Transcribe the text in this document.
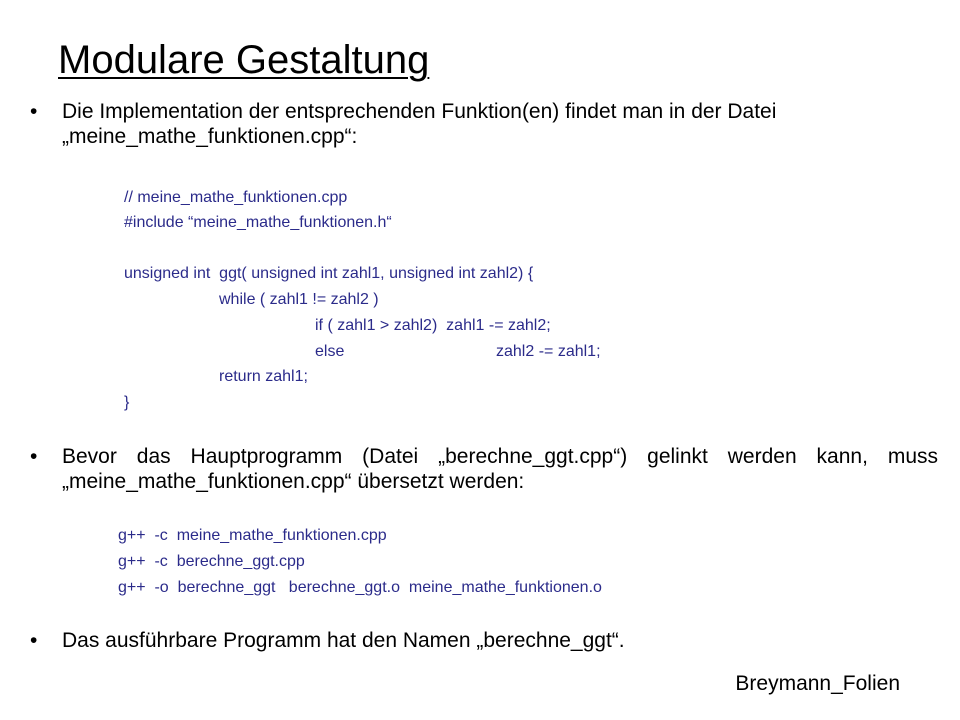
Modulare Gestaltung
• Die Implementation der entsprechenden Funktion(en) findet man in der Datei „meine_mathe_funktionen.cpp“:

// meine_mathe_funktionen.cpp

#include “meine_mathe_funktionen.h“

unsigned int  ggt( unsigned int zahl1, unsigned int zahl2) {

while ( zahl1 != zahl2 )

if ( zahl1 > zahl2)  zahl1 -= zahl2;

else

	zahl2 -= zahl1;

return zahl1;

}

• Bevor das Hauptprogramm (Datei „berechne_ggt.cpp“) gelinkt werden kann, muss „meine_mathe_funktionen.cpp“ übersetzt werden:

g++  -c  meine_mathe_funktionen.cpp

g++  -c  berechne_ggt.cpp

g++  -o  berechne_ggt   berechne_ggt.o  meine_mathe_funktionen.o

• Das ausführbare Programm hat den Namen „berechne_ggt“.
Breymann_Folien
